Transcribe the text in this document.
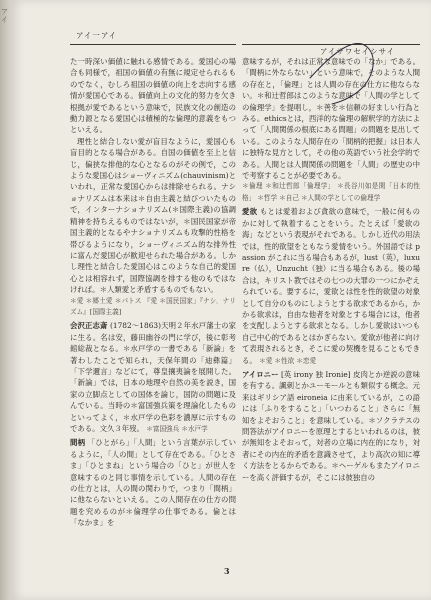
アイ
アイ一アイ
アイザワセイシサイ

た一時深い価値に触れる感情である。愛国心の場合も同様で，祖国の価値の有無に規定せられるものでなく，むしろ祖国の価値の向上を志向する感情が愛国心である。価値向上の文化的努力を欠き根拠が愛であるという意味で，民族文化の創造の動力源となる愛国心は積極的な倫理的意義をもつといえる。

理性と結合しない愛が盲目なように，愛国心も盲目的となる場合がある。自国の価値を至上と信じ，偏狭な排他的な心となるのがその例で，このような愛国心はショーヴィニズム(chauvinism)といわれ，正常な愛国心からは排除せられる。ナショナリズムは本来は＊自由主義と結びついたもので，インターナショナリズム(＊国際主義)の協調精神を持ちえるものではないが，＊国民国家が帝国主義的となるやナショナリズムも攻撃的性格を帯びるようになり，ショーヴィニズム的な排外性に富んだ愛国心が歓迎せられた場合がある。しかし理性と結合した愛国心はこのような自己的愛国心とは相容れず，国際協調を排する他のもではなけれぱ。＊人類愛と矛盾するものでもない。

＊愛 ＊郷土愛 ＊パトス 『愛 ＊国民国家」『ナシ．ナリズム』[国際主義]

会沢正志斎 (1782～1863)天明２年水戸藩士の家に生る。名は安，藤田幽谷の門に学び，後に彰考館総裁となる。＊水戸学の一書である「新論」を著わしたことで知られ，天保年間の「迪彝篇」「下学邇言」などにて，尊皇攘夷論を展開した。「新論」では，日本の地理や自然の美を説き，国家の立脚点としての国体を論じ，国防の問題に及んでいる。当時の＊富国強兵策を理論化したものといってよく，＊水戸学の色彩を濃厚に示すものである。文久３年歿。 ＊富国強兵 ＊水戸学

間柄 「ひとがら」「人間」という言葉が示しているように，「人の間」として存在である。「ひとさま」「ひとまね」という場合の「ひと」が世人を意味するのと同じ事情を示している。人間の存在の仕方とは，人の間の関わりで，つまり「間柄」に他ならないといえる。この人間存在の仕方の問題を究めるのが＊倫理学の仕事である。倫とは「なかま」を

意味するが，それは正常な意味での「なか」である。「間柄に外ならない」という意味で，そのような人間の存在と，「倫理」とは人間の存在の仕方に他ならない。＊和辻哲郎はこのような意味で「人間の学としての倫理学」を提唱し，＊善を＊信頼の好ましい行為とみる。ethicsとは，西洋的な倫理の解釈学的方法によって「人間関係の根底にある問題」の問題を見出している。このような人間存在の「間柄的把握」は日本人に独特な見方として，その他の英語でいう社会学的である。人間とは人間関係の問題を「人間」の歴史の中で考察することが必要である。

＊倫理 ＊和辻哲郎「倫理学」 ＊長谷川如是閑「日本的性格」 ＊哲学 ＊自己 ＊人間の学としての倫理学

愛欲 もとは愛着および貪欲の意味で，一般に何ものかに対して執着することをいう。たとえば「愛欲の海」などという表現がそれである。しかし近代の用法では，性的欲望をともなう愛情をいう。外国語では passion がこれに当る場合もあるが，lust（英），luxure（仏），Unzucht（独）に当る場合もある。後の場合は，キリスト教ではその七つの大罪の一つにかぞえられている。要するに，愛欲とは性を性的欲望の対象として自分のものにしようとする欲求であるから，かかる欲求は，自由な他者を対象とする場合には，他者を支配しようとする欲求となる。しかし愛欲はいつも自己中心的であるとはかぎらない。愛欲が他者に向けて表現されるとき，そこに愛の契機を見ることもできる。 ＊愛 ＊性欲 ＊恋愛

アイロニー [英 irony 独 Ironie] 皮肉とか逆説の意味を有する。諷刺とかユーモールとも類似する概念。元来はギリシア語 eironeia に由来しているが，この語には「ふりをすること」「いつわること」さらに「無知をよそおうこと」を意味している。＊ソクラテスの問答法がアイロニーを原理とするといわれるのは，彼が無知をよそおって，対者の立場に内在的になり，対者にその内在的矛盾を意識させて，より高次の知に導く方法をとるからである。＊ヘーゲルもまたアイロニーを高く評価するが，そこには彼独自の

3
